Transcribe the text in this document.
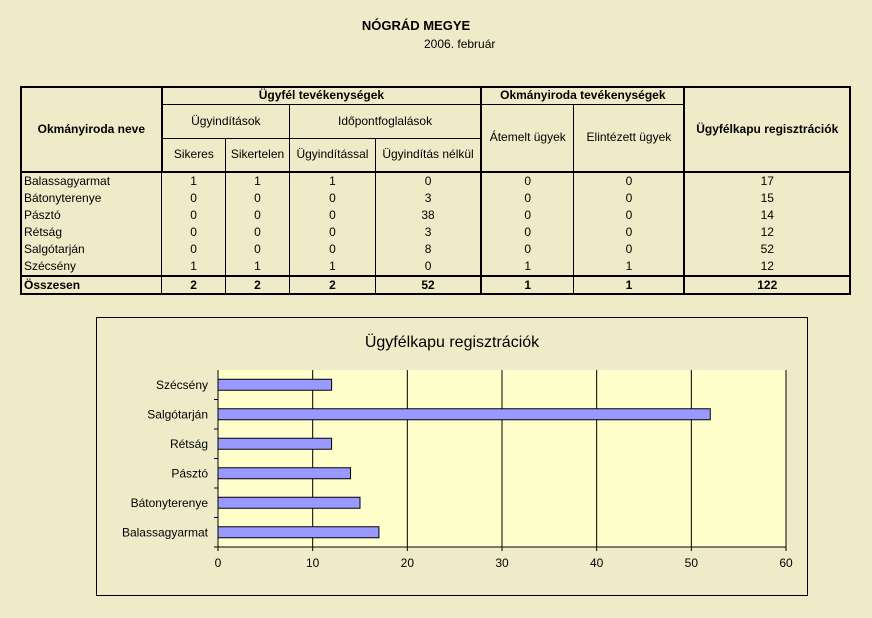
NÓGRÁD MEGYE
2006. február
Okmányiroda neve	Ügyfél tevékenységek				Okmányiroda tevékenységek		Ügyfélkapu regisztrációk
	Ügyindítások		Időpontfoglalások		Átemelt ügyek	Elintézett ügyek	
	Sikeres	Sikertelen	Ügyindítással	Ügyindítás nélkül			
Balassagyarmat	1	1	1	0	0	0	17
Bátonyterenye	0	0	0	3	0	0	15
Pásztó	0	0	0	38	0	0	14
Rétság	0	0	0	3	0	0	12
Salgótarján	0	0	0	8	0	0	52
Szécsény	1	1	1	0	1	1	12
Összesen	2	2	2	52	1	1	122
Ügyfélkapu regisztrációk
0	10	20	30	40	50	60
Balassagyarmat
Bátonyterenye
Pásztó
Rétság
Salgótarján
Szécsény
